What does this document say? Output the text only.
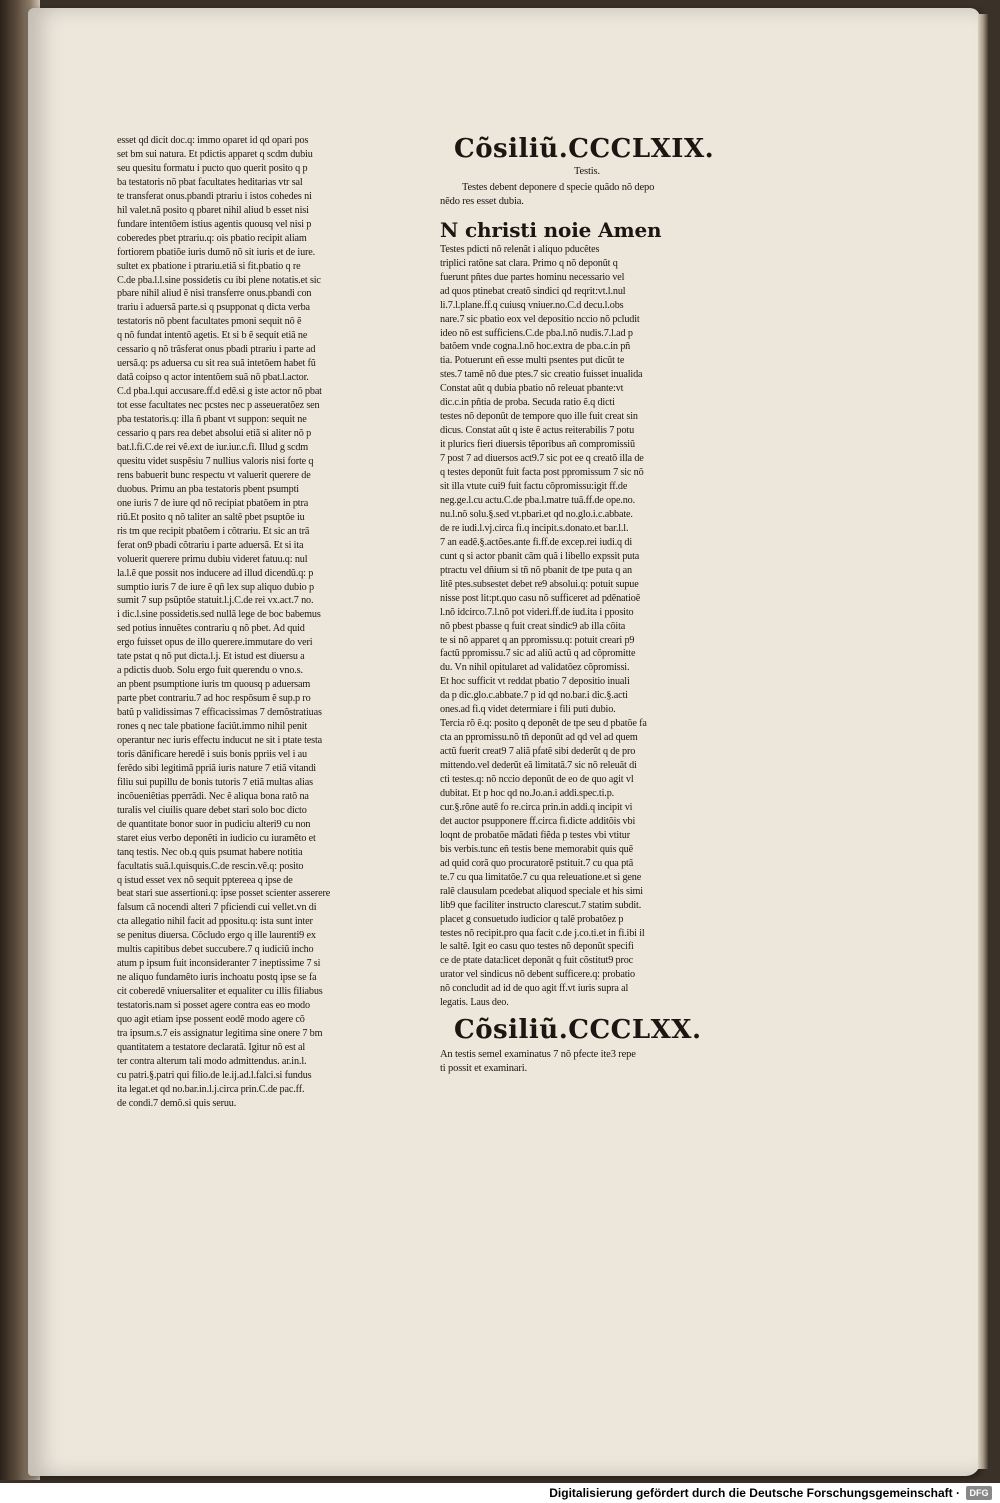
esset qd dicit doc.q: immo oparet id qd opari pos

set bm sui natura. Et pdictis apparet q scdm dubiu

seu quesitu formatu i pucto quo querit posito q p

ba testatoris nõ pbat facultates heditarias vtr sal

te transferat onus.pbandi ptrariu i istos cohedes ni

hil valet.nã posito q pbaret nihil aliud b esset nisi

fundare intentõem istius agentis quousq vel nisi p

coberedes pbet ptrariu.q: ois pbatio recipit aliam

fortiorem pbatiõe iuris dumõ nõ sit iuris et de iure.

sultet ex pbatione i ptrariu.etiã si fit.pbatio q re

C.de pba.l.l.sine possidetis cu ibi plene notatis.et sic

pbare nihil aliud ẽ nisi transferre onus.pbandi con

trariu i aduersã parte.si q psupponat q dicta verba

testatoris nõ pbent facultates pmoni sequit nõ ẽ

q nõ fundat intentõ agetis. Et si b ẽ sequit etiã ne

cessario q nõ trãsferat onus pbadi ptrariu i parte ad

uersã.q: ps aduersa cu sit rea suã intetõem habet fũ

datã coipso q actor intentõem suã nõ pbat.l.actor.

C.d pba.l.qui accusare.ff.d edẽ.si g iste actor nõ pbat

tot esse facultates nec pcstes nec p asseueratõez sen

pba testatoris.q: illa ñ pbant vt suppon: sequit ne

cessario q pars rea debet absolui etiã si aliter nõ p

bat.l.fi.C.de rei vẽ.ext de iur.iur.c.fi. Illud g scdm

quesitu videt suspẽsiu 7 nullius valoris nisi forte q

rens babuerit bunc respectu vt valuerit querere de

duobus. Primu an pba testatoris pbent psumpti

one iuris 7 de iure qd nõ recipiat pbatõem in ptra

riũ.Et posito q nõ taliter an saltẽ pbet psuptõe iu

ris tm que recipit pbatõem i cõtrariu. Et sic an trã

ferat on9 pbadi cõtrariu i parte aduersã. Et si ita

voluerit querere primu dubiu videret fatuu.q: nul

la.l.ẽ que possit nos inducere ad illud dicendũ.q: p

sumptio iuris 7 de iure ẽ qñ lex sup aliquo dubio p

sumit 7 sup psũptõe statuit.l.j.C.de rei vx.act.7 no.

i dic.l.sine possidetis.sed nullã lege de boc babemus

sed potius innuẽtes contrariu q nõ pbet. Ad quid

ergo fuisset opus de illo querere.immutare do veri

tate pstat q nõ put dicta.l.j. Et istud est diuersu a

a pdictis duob. Solu ergo fuit querendu o vno.s.

an pbent psumptione iuris tm quousq p aduersam

parte pbet contrariu.7 ad hoc respõsum ẽ sup.p ro

batũ p validissimas 7 efficacissimas 7 demõstratiuas

rones q nec tale pbatione faciũt.immo nihil penit

operantur nec iuris effectu inducut ne sit i ptate testa

toris dãnificare heredẽ i suis bonis ppriis vel i au

ferẽdo sibi legitimã ppriã iuris nature 7 etiã vitandi

filiu sui pupillu de bonis tutoris 7 etiã multas alias

incõueniẽtias pperrãdi. Nec ẽ aliqua bona ratõ na

turalis vel ciuilis quare debet stari solo boc dicto

de quantitate bonor suor in pudiciu alteri9 cu non

staret eius verbo deponẽti in iudicio cu iuramẽto et

tanq testis. Nec ob.q quis psumat habere notitia

facultatis suã.l.quisquis.C.de rescin.vẽ.q: posito

q istud esset vex nõ sequit pptereea q ipse de

beat stari sue assertioni.q: ipse posset scienter asserere

falsum cã nocendi alteri 7 pficiendi cui vellet.vn di

cta allegatio nihil facit ad ppositu.q: ista sunt inter

se penitus diuersa. Cõcludo ergo q ille laurenti9 ex

multis capitibus debet succubere.7 q iudiciũ incho

atum p ipsum fuit inconsideranter 7 ineptissime 7 si

ne aliquo fundamẽto iuris inchoatu postq ipse se fa

cit coberedẽ vniuersaliter et equaliter cu illis filiabus

testatoris.nam si posset agere contra eas eo modo

quo agit etiam ipse possent eodẽ modo agere cõ

tra ipsum.s.7 eis assignatur legitima sine onere 7 bm

quantitatem a testatore declaratã. Igitur nõ est al

ter contra alterum tali modo admittendus. ar.in.l.

cu patri.§.patri qui filio.de le.ij.ad.l.falci.si fundus

ita legat.et qd no.bar.in.l.j.circa prin.C.de pac.ff.

de condi.7 demõ.si quis seruu.

Cõsiliũ.CCCLXIX.

Testis.

Testes debent deponere d specie quãdo nõ depo

nẽdo res esset dubia.

N christi noie Amen

Testes pdicti nõ relenãt i aliquo pducẽtes

triplici ratõne sat clara. Primo q nõ deponũt q

fuerunt pñtes due partes hominu necessario vel

ad quos ptinebat creatõ sindici qd reqrit:vt.l.nul

li.7.l.plane.ff.q cuiusq vniuer.no.C.d decu.l.obs

nare.7 sic pbatio eox vel depositio nccio nõ pcludit

ideo nõ est sufficiens.C.de pba.l.nõ nudis.7.l.ad p

batõem vnde cogna.l.nõ hoc.extra de pba.c.in pñ

tia. Potuerunt eñ esse multi psentes put dicũt te

stes.7 tamẽ nõ due ptes.7 sic creatio fuisset inualida

Constat aũt q dubia pbatio nõ releuat pbante:vt

dic.c.in pñtia de proba. Secuda ratio ẽ.q dicti

testes nõ deponũt de tempore quo ille fuit creat sin

dicus. Constat aũt q iste ẽ actus reiterabilis 7 potu

it plurics fieri diuersis tẽporibus añ compromissiũ

7 post 7 ad diuersos act9.7 sic pot ee q creatõ illa de

q testes deponũt fuit facta post ppromissum 7 sic nõ

sit illa vtute cui9 fuit factu cõpromissu:igit ff.de

neg.ge.l.cu actu.C.de pba.l.matre tuã.ff.de ope.no.

nu.l.nõ solu.§.sed vt.pbari.et qd no.glo.i.c.abbate.

de re iudi.l.vj.circa fi.q incipit.s.donato.et bar.l.l.

7 an eadẽ.§.actões.ante fi.ff.de excep.rei iudi.q di

cunt q si actor pbanit cãm quã i libello expssit puta

ptractu vel dñium si tñ nõ pbanit de tpe puta q an

litẽ ptes.subsestet debet re9 absolui.q: potuit supue

nisse post lit:pt.quo casu nõ sufficeret ad pdẽnatioẽ

l.nõ idcirco.7.l.nõ pot videri.ff.de iud.ita i pposito

nõ pbest pbasse q fuit creat sindic9 ab illa cõita

te si nõ apparet q an ppromissu.q: potuit creari p9

factũ ppromissu.7 sic ad aliũ actũ q ad cõpromitte

du. Vn nihil opitularet ad validatõez cõpromissi.

Et hoc sufficit vt reddat pbatio 7 depositio inuali

da p dic.glo.c.abbate.7 p id qd no.bar.i dic.§.acti

ones.ad fi.q videt determiare i fili puti dubio.

Tercia rõ ẽ.q: posito q deponẽt de tpe seu d pbatõe fa

cta an ppromissu.nõ tñ deponũt ad qd vel ad quem

actũ fuerit creat9 7 aliã pfatẽ sibi dederũt q de pro

mittendo.vel dederũt eã limitatã.7 sic nõ releuãt di

cti testes.q: nõ nccio deponũt de eo de quo agit vl

dubitat. Et p hoc qd no.Jo.an.i addi.spec.ti.p.

cur.§.rõne autẽ fo re.circa prin.in addi.q incipit vi

det auctor psupponere ff.circa fi.dicte additõis vbi

loqnt de probatõe mãdati fiẽda p testes vbi vtitur

bis verbis.tunc eñ testis bene memorabit quis quẽ

ad quid corã quo procuratorẽ pstituit.7 cu qua ptã

te.7 cu qua limitatõe.7 cu qua releuatione.et si gene

ralẽ clausulam pcedebat aliquod speciale et his simi

lib9 que faciliter instructo clarescut.7 statim subdit.

placet g consuetudo iudicior q talẽ probatõez p

testes nõ recipit.pro qua facit c.de j.co.ti.et in fi.ibi il

le saltẽ. Igit eo casu quo testes nõ deponũt specifi

ce de ptate data:licet deponãt q fuit cõstitut9 proc

urator vel sindicus nõ debent sufficere.q: probatio

nõ concludit ad id de quo agit ff.vt iuris supra al

legatis. Laus deo.

Cõsiliũ.CCCLXX.

An testis semel examinatus 7 nõ pfecte ite3 repe

ti possit et examinari.

Digitalisierung gefördert durch die Deutsche Forschungsgemeinschaft ·	DFG
